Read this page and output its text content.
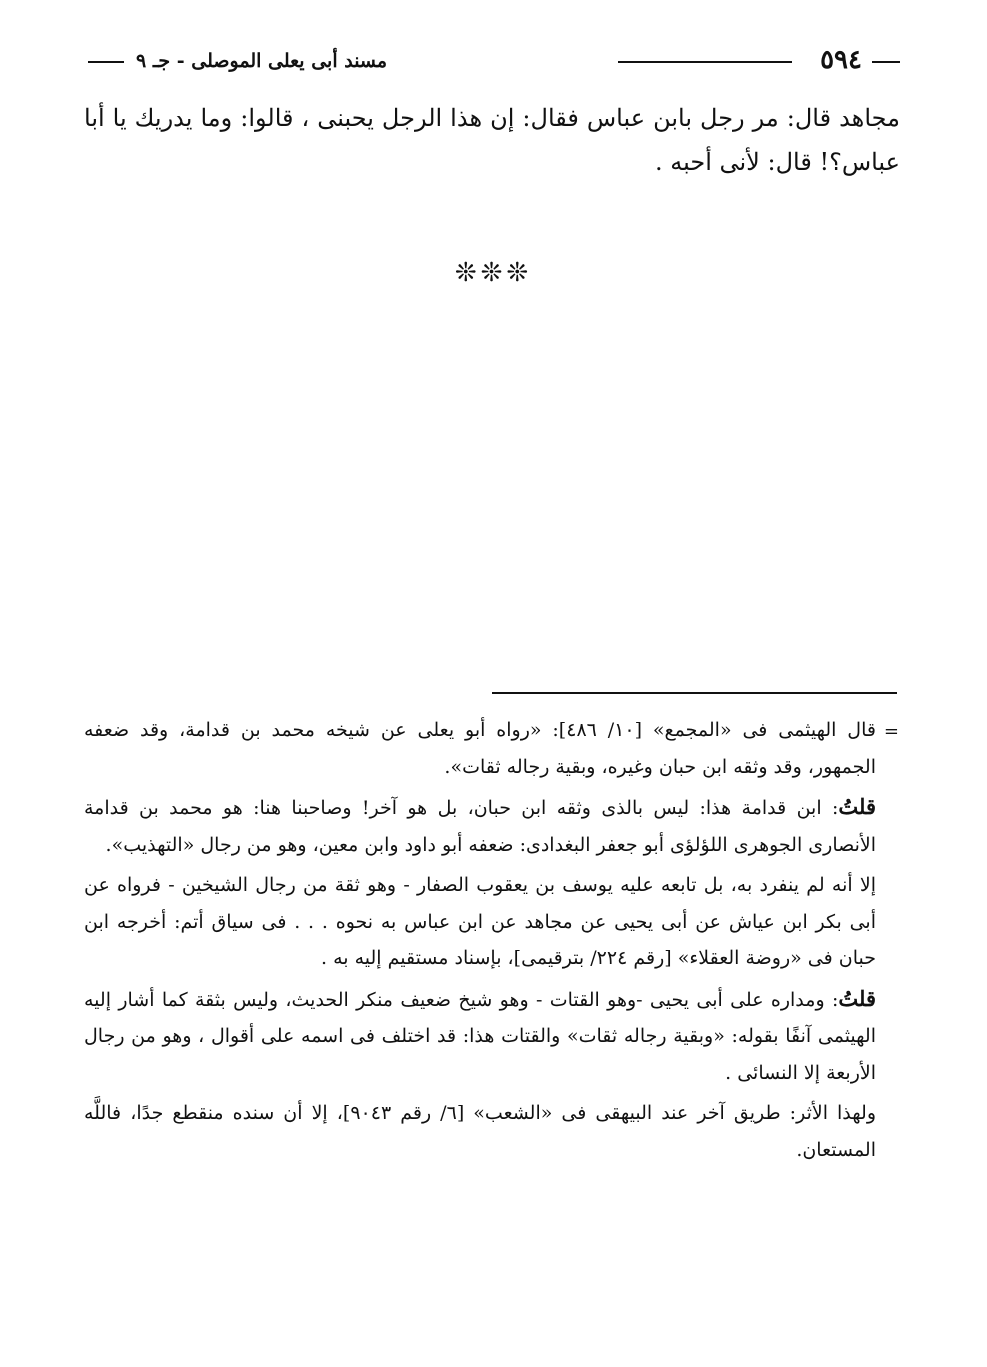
٥٩٤
مسند أبى يعلى الموصلى - جـ ٩

مجاهد قال: مر رجل بابن عباس فقال: إن هذا الرجل يحبنى ، قالوا: وما يدريك يا أبا عباس؟! قال: لأنى أحبه .

❊❊❊
=

قال الهيثمى فى «المجمع» [١٠/ ٤٨٦]: «رواه أبو يعلى عن شيخه محمد بن قدامة، وقد ضعفه الجمهور، وقد وثقه ابن حبان وغيره، وبقية رجاله ثقات».

قلتُ: ابن قدامة هذا: ليس بالذى وثقه ابن حبان، بل هو آخر! وصاحبنا هنا: هو محمد بن قدامة الأنصارى الجوهرى اللؤلؤى أبو جعفر البغدادى: ضعفه أبو داود وابن معين، وهو من رجال «التهذيب».

إلا أنه لم ينفرد به، بل تابعه عليه يوسف بن يعقوب الصفار - وهو ثقة من رجال الشيخين - فرواه عن أبى بكر ابن عياش عن أبى يحيى عن مجاهد عن ابن عباس به نحوه . . . فى سياق أتم: أخرجه ابن حبان فى «روضة العقلاء» [رقم ٢٢٤/ بترقيمى]، بإسناد مستقيم إليه به .

قلتُ: ومداره على أبى يحيى -وهو القتات - وهو شيخ ضعيف منكر الحديث، وليس بثقة كما أشار إليه الهيثمى آنفًا بقوله: «وبقية رجاله ثقات» والقتات هذا: قد اختلف فى اسمه على أقوال ، وهو من رجال الأربعة إلا النسائى .

ولهذا الأثر: طريق آخر عند البيهقى فى «الشعب» [٦/ رقم ٩٠٤٣]، إلا أن سنده منقطع جدًا، فاللَّه المستعان.
